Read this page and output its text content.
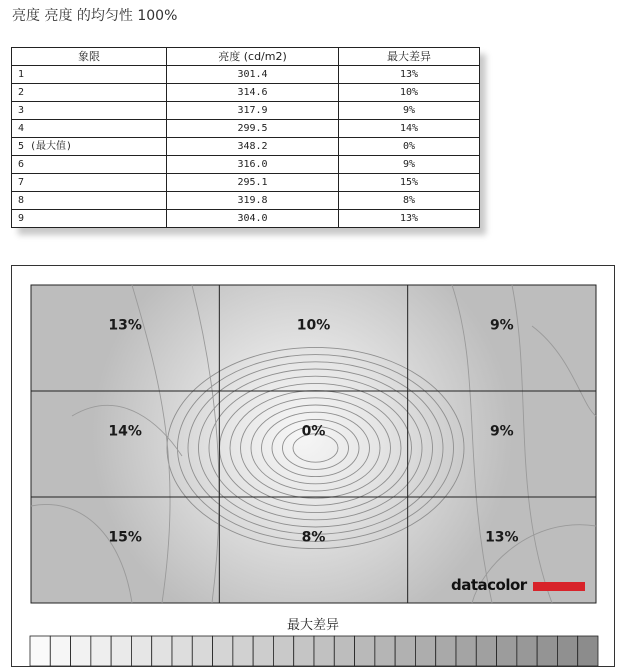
亮度 亮度 的均匀性 100%
象限	亮度 (cd/m2)	最大差异
1	301.4	13%
2	314.6	10%
3	317.9	9%
4	299.5	14%
5 (最大值)	348.2	0%
6	316.0	9%
7	295.1	15%
8	319.8	8%
9	304.0	13%
13%	10%	9%
14%	0%	9%
15%	8%	13%
datacolor
最大差异
